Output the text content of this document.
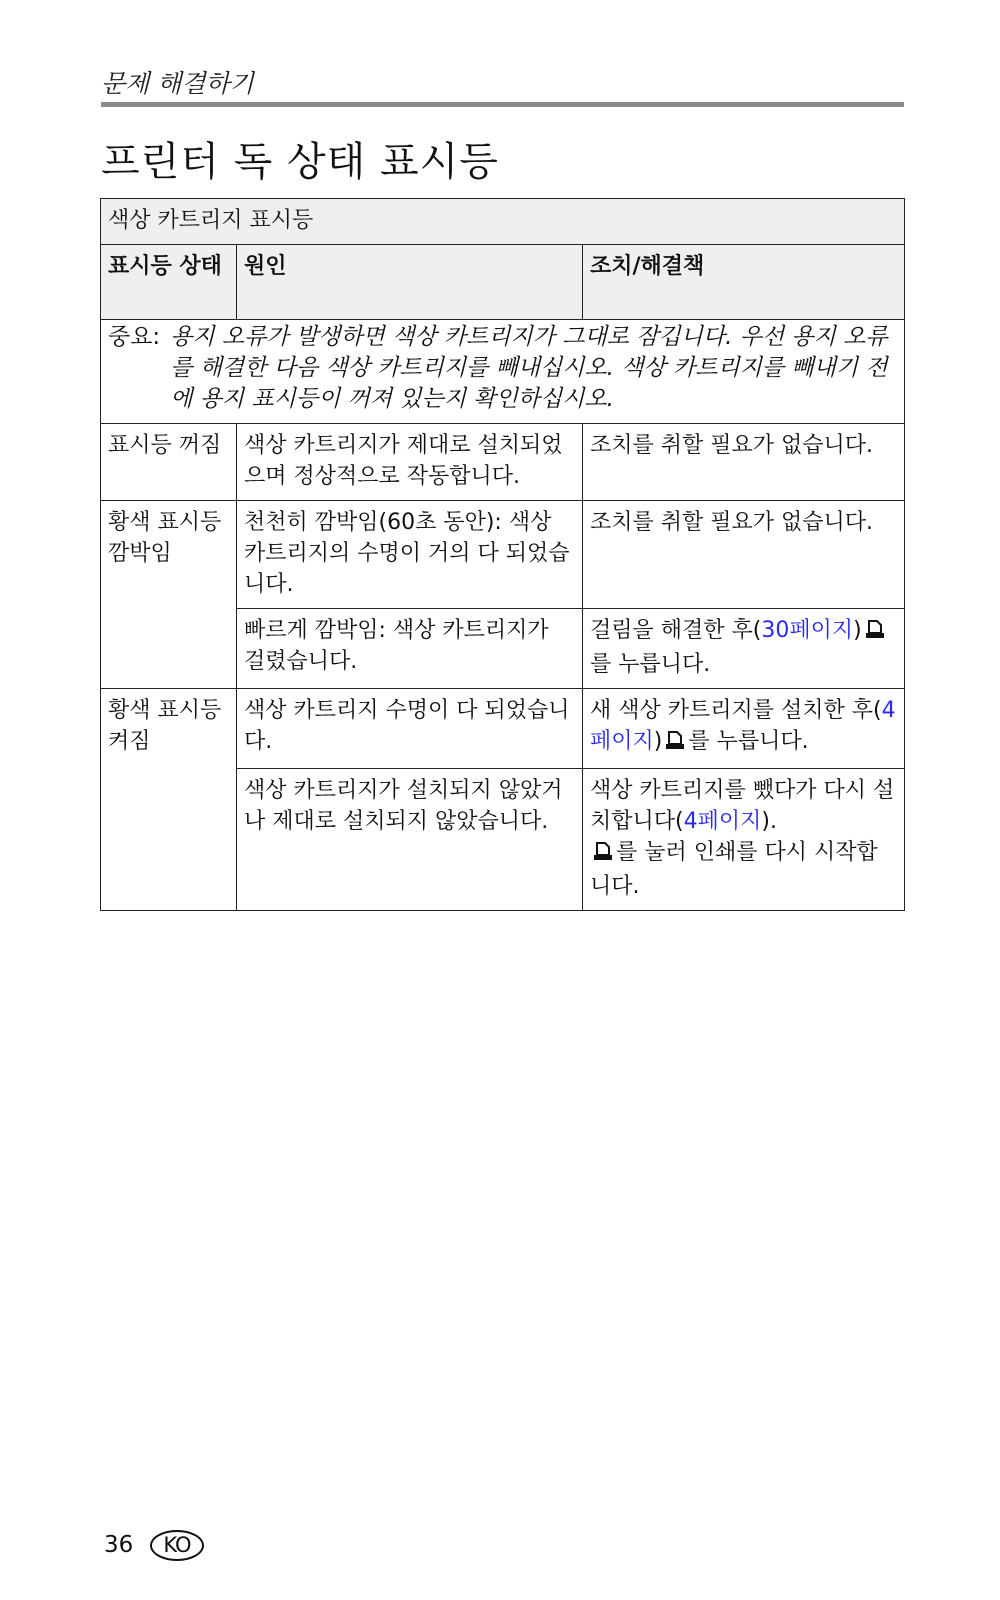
문제 해결하기
프린터 독 상태 표시등
색상 카트리지 표시등		
표시등 상태	원인	조치/해결책

중요: 용지 오류가 발생하면 색상 카트리지가 그대로 잠깁니다. 우선 용지 오류를 해결한 다음 색상 카트리지를 빼내십시오. 색상 카트리지를 빼내기 전에 용지 표시등이 꺼져 있는지 확인하십시오.		

표시등 꺼짐	색상 카트리지가 제대로 설치되었으며 정상적으로 작동합니다.	조치를 취할 필요가 없습니다.
황색 표시등 깜박임	천천히 깜박임(60초 동안): 색상 카트리지의 수명이 거의 다 되었습니다.	조치를 취할 필요가 없습니다.
	빠르게 깜박임: 색상 카트리지가 걸렸습니다.	걸림을 해결한 후(30페이지)를 누릅니다.
황색 표시등 켜짐	색상 카트리지 수명이 다 되었습니다.	새 색상 카트리지를 설치한 후(4페이지) 를 누릅니다.
	색상 카트리지가 설치되지 않았거나 제대로 설치되지 않았습니다.	색상 카트리지를 뺐다가 다시 설치합니다(4페이지).
를 눌러 인쇄를 다시 시작합니다.
36	KO
